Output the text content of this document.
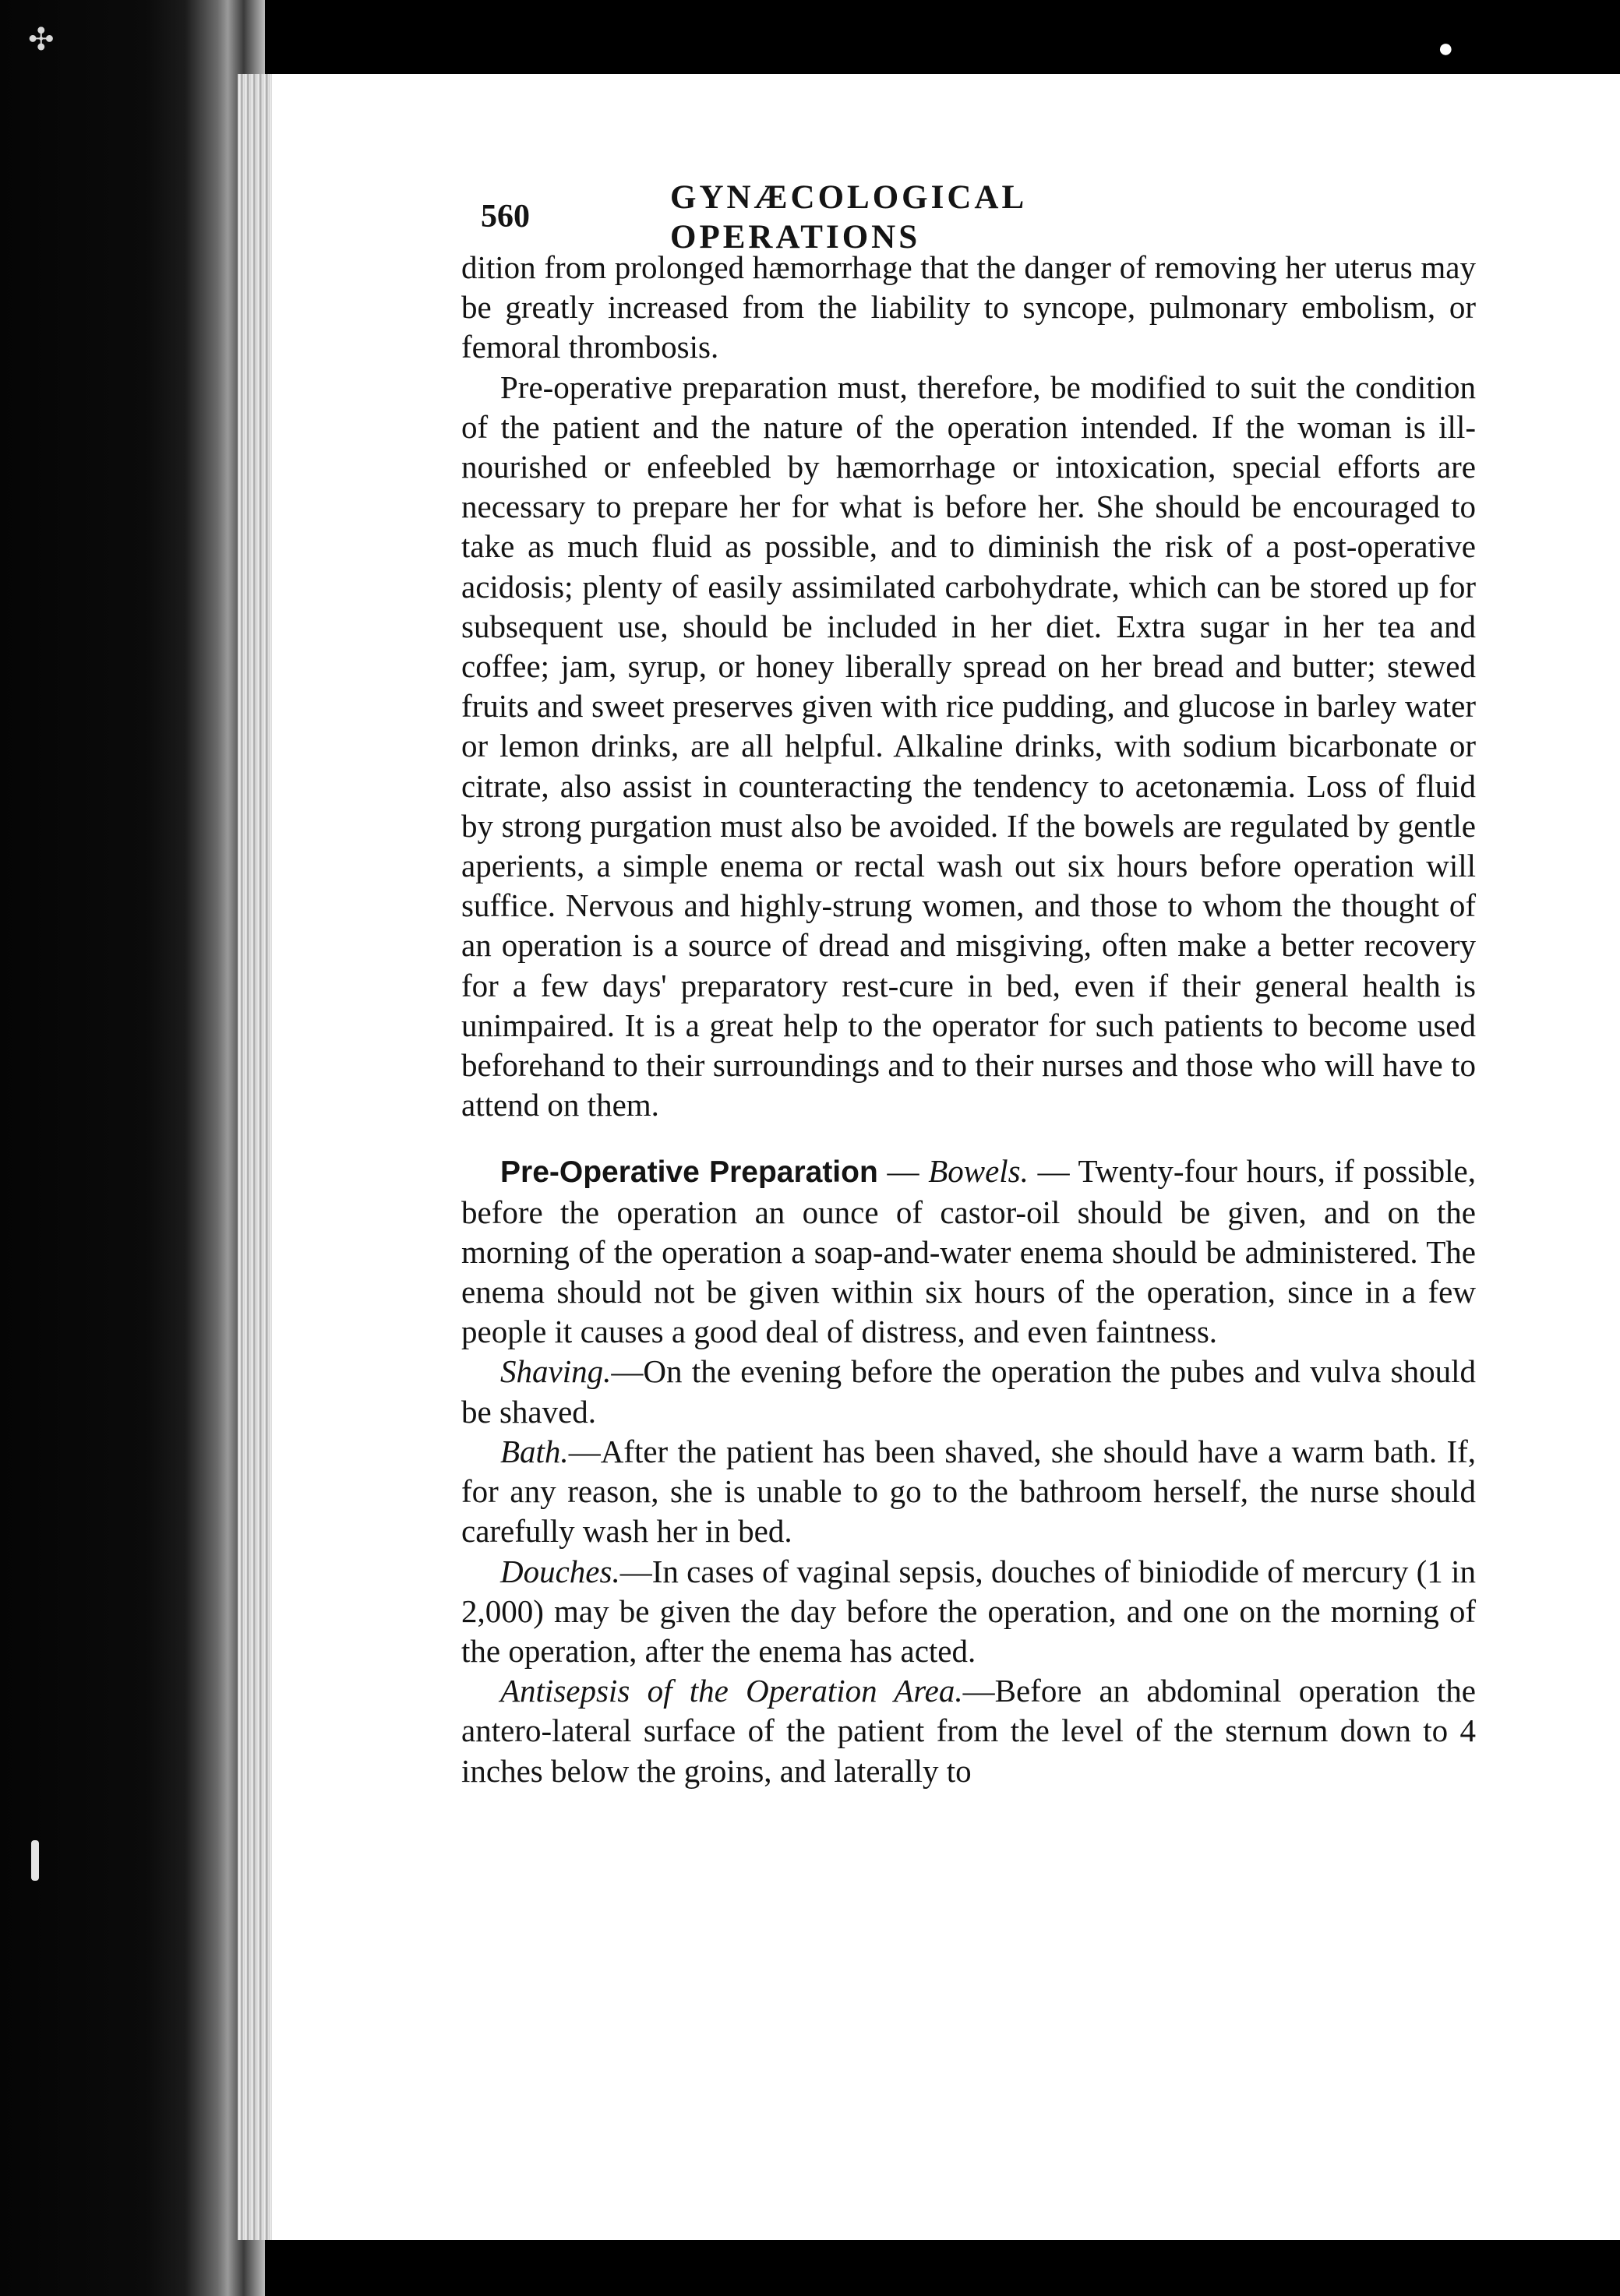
✣	●
560
GYNÆCOLOGICAL OPERATIONS

dition from prolonged hæmorrhage that the danger of removing her uterus may be greatly increased from the liability to syncope, pulmonary embolism, or femoral thrombosis.

Pre-operative preparation must, therefore, be modified to suit the condition of the patient and the nature of the operation intended. If the woman is ill-nourished or enfeebled by hæmorrhage or intoxication, special efforts are necessary to prepare her for what is before her. She should be encouraged to take as much fluid as possible, and to diminish the risk of a post-operative acidosis; plenty of easily assimilated carbohydrate, which can be stored up for subsequent use, should be included in her diet. Extra sugar in her tea and coffee; jam, syrup, or honey liberally spread on her bread and butter; stewed fruits and sweet preserves given with rice pudding, and glucose in barley water or lemon drinks, are all helpful. Alkaline drinks, with sodium bicarbonate or citrate, also assist in counteracting the tendency to acetonæmia. Loss of fluid by strong purgation must also be avoided. If the bowels are regulated by gentle aperients, a simple enema or rectal wash out six hours before operation will suffice. Nervous and highly-strung women, and those to whom the thought of an operation is a source of dread and misgiving, often make a better recovery for a few days' preparatory rest-cure in bed, even if their general health is unimpaired. It is a great help to the operator for such patients to become used beforehand to their surroundings and to their nurses and those who will have to attend on them.

Pre-Operative Preparation — Bowels. — Twenty-four hours, if possible, before the operation an ounce of castor-oil should be given, and on the morning of the operation a soap-and-water enema should be administered. The enema should not be given within six hours of the operation, since in a few people it causes a good deal of distress, and even faintness.

Shaving.—On the evening before the operation the pubes and vulva should be shaved.

Bath.—After the patient has been shaved, she should have a warm bath. If, for any reason, she is unable to go to the bathroom herself, the nurse should carefully wash her in bed.

Douches.—In cases of vaginal sepsis, douches of biniodide of mercury (1 in 2,000) may be given the day before the operation, and one on the morning of the operation, after the enema has acted.

Antisepsis of the Operation Area.—Before an abdominal operation the antero-lateral surface of the patient from the level of the sternum down to 4 inches below the groins, and laterally to
